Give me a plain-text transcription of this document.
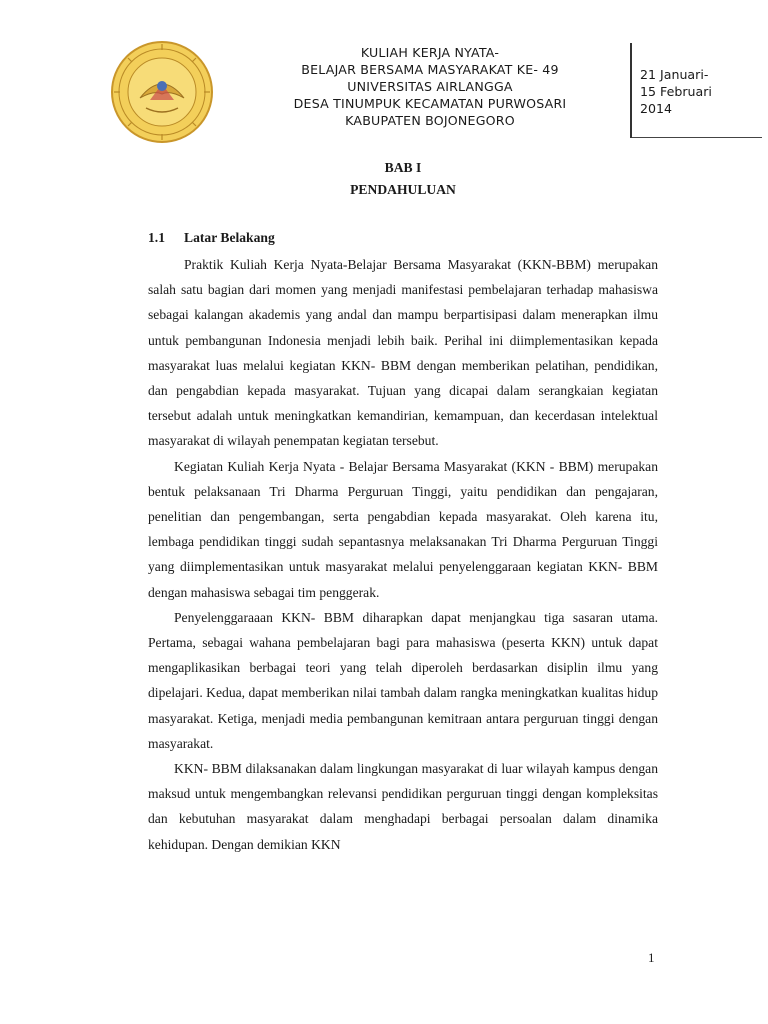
KULIAH KERJA NYATA-
BELAJAR BERSAMA MASYARAKAT KE- 49
UNIVERSITAS AIRLANGGA
DESA TINUMPUK KECAMATAN PURWOSARI
KABUPATEN BOJONEGORO
21 Januari-
15 Februari
2014
BAB I
PENDAHULUAN
1.1 Latar Belakang

Praktik Kuliah Kerja Nyata-Belajar Bersama Masyarakat (KKN-BBM) merupakan salah satu bagian dari momen yang menjadi manifestasi pembelajaran terhadap mahasiswa sebagai kalangan akademis yang andal dan mampu berpartisipasi dalam menerapkan ilmu untuk pembangunan Indonesia menjadi lebih baik. Perihal ini diimplementasikan kepada masyarakat luas melalui kegiatan KKN- BBM dengan memberikan pelatihan, pendidikan, dan pengabdian kepada masyarakat. Tujuan yang dicapai dalam serangkaian kegiatan tersebut adalah untuk meningkatkan kemandirian, kemampuan, dan kecerdasan intelektual masyarakat di wilayah penempatan kegiatan tersebut.

Kegiatan Kuliah Kerja Nyata - Belajar Bersama Masyarakat (KKN - BBM) merupakan bentuk pelaksanaan Tri Dharma Perguruan Tinggi, yaitu pendidikan dan pengajaran, penelitian dan pengembangan, serta pengabdian kepada masyarakat. Oleh karena itu, lembaga pendidikan tinggi sudah sepantasnya melaksanakan Tri Dharma Perguruan Tinggi yang diimplementasikan untuk masyarakat melalui penyelenggaraan kegiatan KKN- BBM dengan mahasiswa sebagai tim penggerak.

Penyelenggaraaan KKN- BBM diharapkan dapat menjangkau tiga sasaran utama. Pertama, sebagai wahana pembelajaran bagi para mahasiswa (peserta KKN) untuk dapat mengaplikasikan berbagai teori yang telah diperoleh berdasarkan disiplin ilmu yang dipelajari. Kedua, dapat memberikan nilai tambah dalam rangka meningkatkan kualitas hidup masyarakat. Ketiga, menjadi media pembangunan kemitraan antara perguruan tinggi dengan masyarakat.

KKN- BBM dilaksanakan dalam lingkungan masyarakat di luar wilayah kampus dengan maksud untuk mengembangkan relevansi pendidikan perguruan tinggi dengan kompleksitas dan kebutuhan masyarakat dalam menghadapi berbagai persoalan dalam dinamika kehidupan. Dengan demikian KKN

1
